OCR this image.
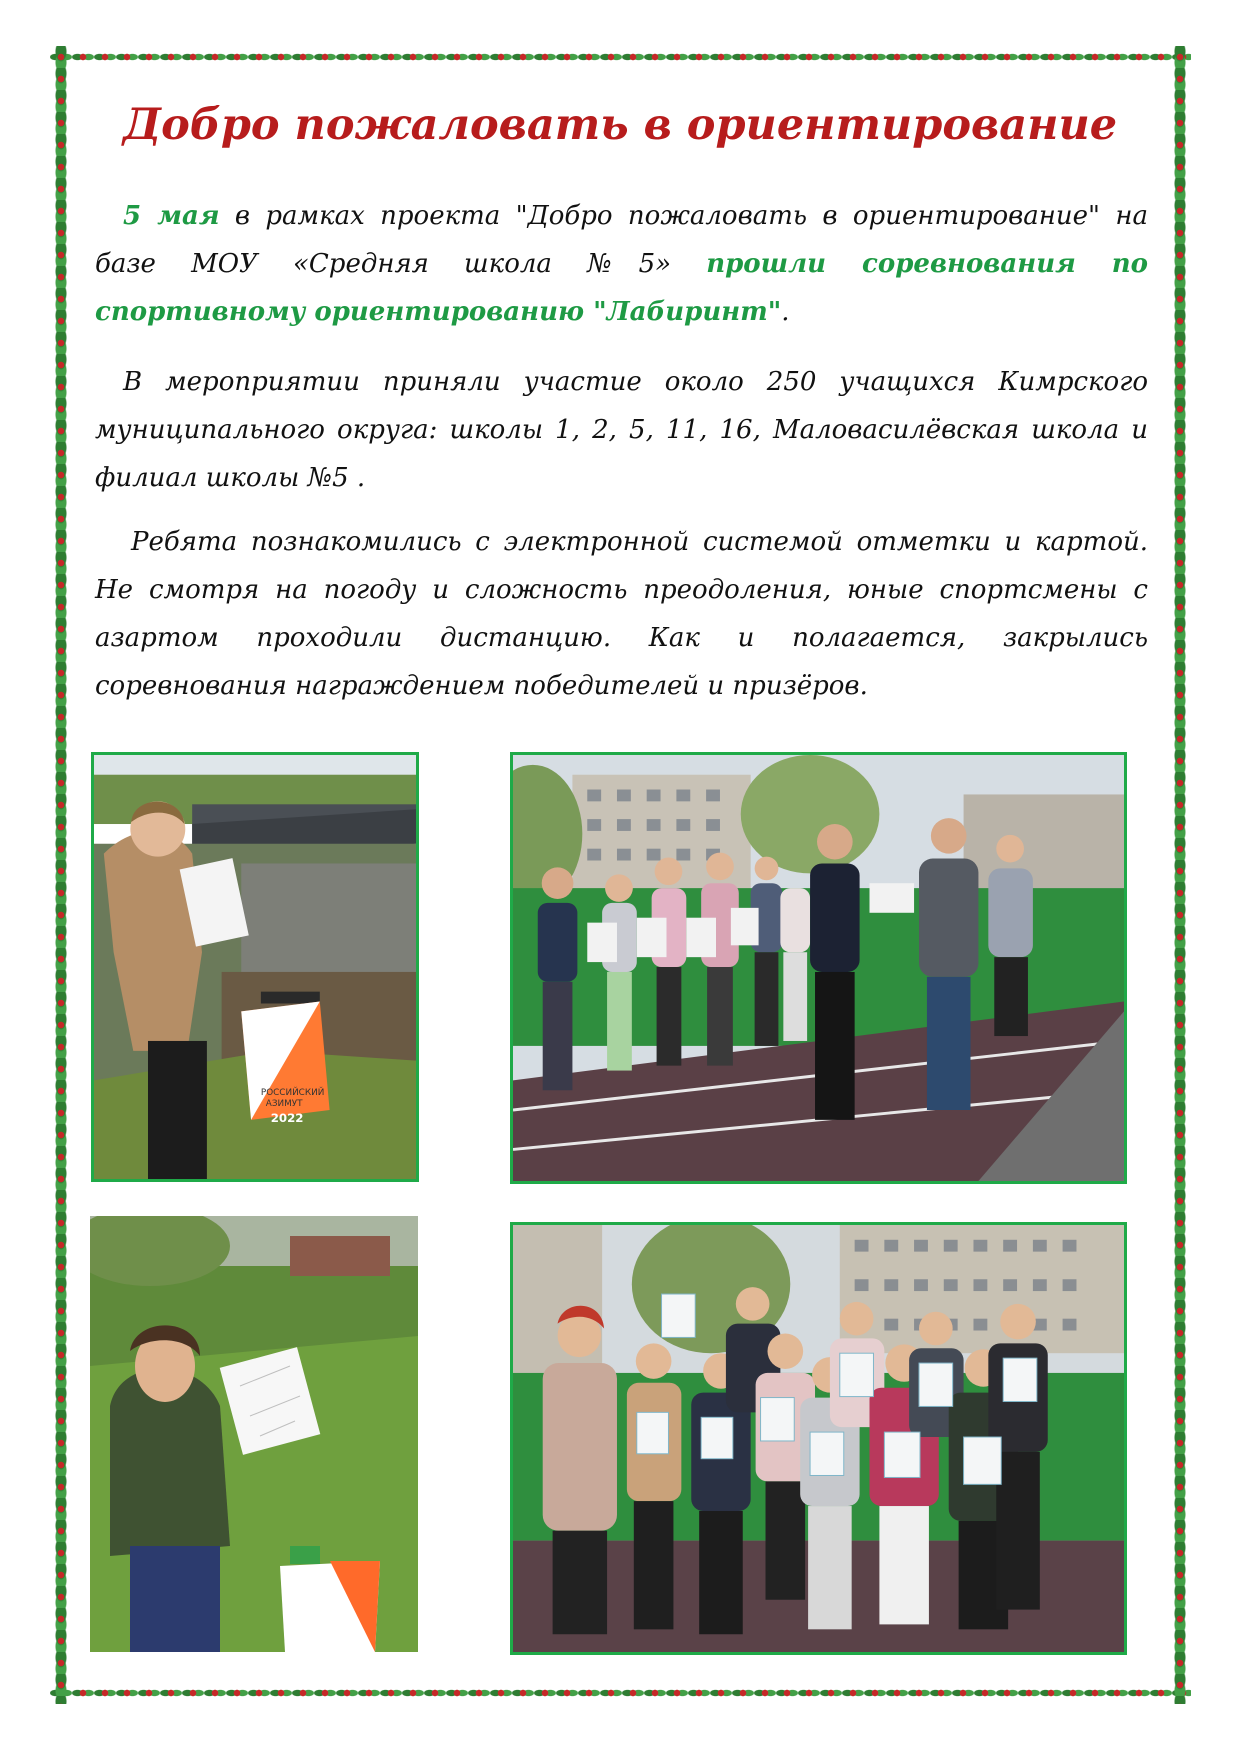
Добро пожаловать в ориентирование

5 мая в рамках проекта "Добро пожаловать в ориентирование" на базе МОУ «Средняя школа №5» прошли соревнования по спортивному ориентированию "Лабиринт".

В мероприятии приняли участие около 250 учащихся Кимрского муниципального округа: школы 1, 2, 5, 11, 16, Маловасилёвская школа и филиал школы №5 .

Ребята познакомились с электронной системой отметки и картой. Не смотря на погоду и сложность преодоления, юные спортсмены с азартом проходили дистанцию. Как и полагается, закрылись соревнования награждением победителей и призёров.

РОССИЙСКИЙ
АЗИМУТ
2022
